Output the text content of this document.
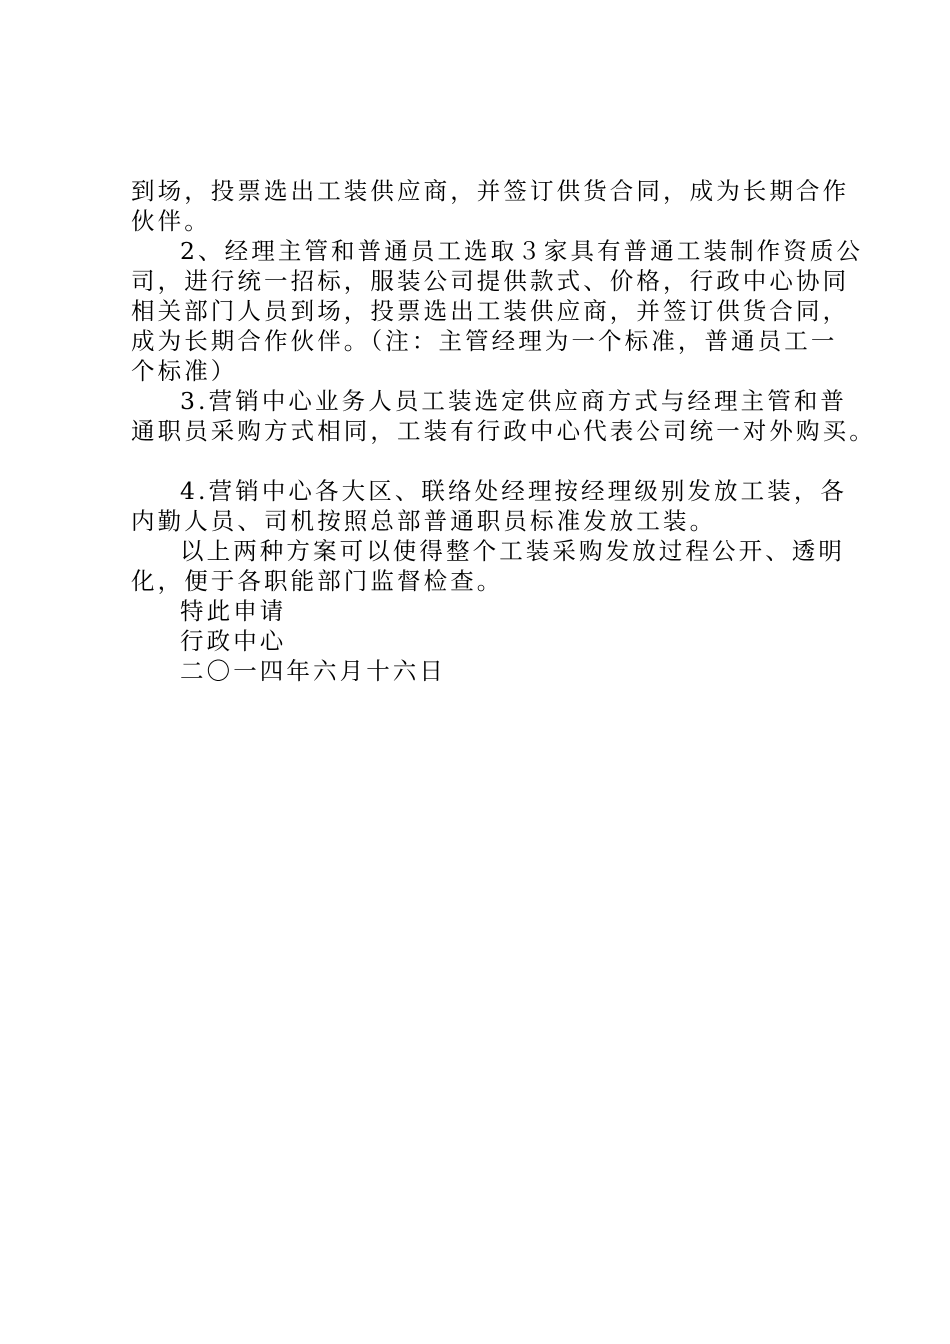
到场，投票选出工装供应商，并签订供货合同，成为长期合作
伙伴。
2、经理主管和普通员工选取３家具有普通工装制作资质公
司，进行统一招标，服装公司提供款式、价格，行政中心协同
相关部门人员到场，投票选出工装供应商，并签订供货合同，
成为长期合作伙伴。（注：主管经理为一个标准，普通员工一
个标准）
3.营销中心业务人员工装选定供应商方式与经理主管和普
通职员采购方式相同，工装有行政中心代表公司统一对外购买。
4.营销中心各大区、联络处经理按经理级别发放工装，各
内勤人员、司机按照总部普通职员标准发放工装。
以上两种方案可以使得整个工装采购发放过程公开、透明
化，便于各职能部门监督检查。
特此申请
行政中心
二〇一四年六月十六日
